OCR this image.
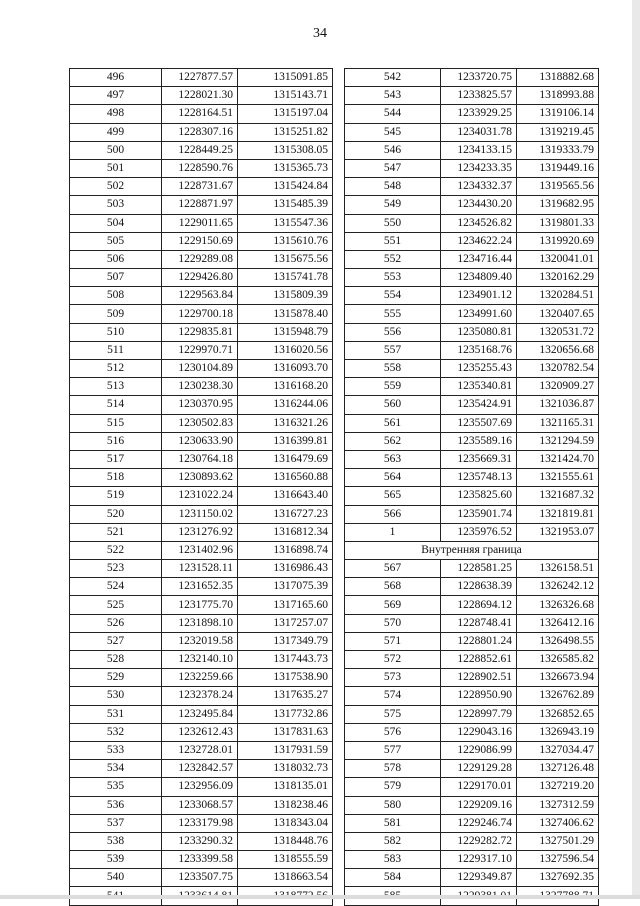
34
496	1227877.57	1315091.85
497	1228021.30	1315143.71
498	1228164.51	1315197.04
499	1228307.16	1315251.82
500	1228449.25	1315308.05
501	1228590.76	1315365.73
502	1228731.67	1315424.84
503	1228871.97	1315485.39
504	1229011.65	1315547.36
505	1229150.69	1315610.76
506	1229289.08	1315675.56
507	1229426.80	1315741.78
508	1229563.84	1315809.39
509	1229700.18	1315878.40
510	1229835.81	1315948.79
511	1229970.71	1316020.56
512	1230104.89	1316093.70
513	1230238.30	1316168.20
514	1230370.95	1316244.06
515	1230502.83	1316321.26
516	1230633.90	1316399.81
517	1230764.18	1316479.69
518	1230893.62	1316560.88
519	1231022.24	1316643.40
520	1231150.02	1316727.23
521	1231276.92	1316812.34
522	1231402.96	1316898.74
523	1231528.11	1316986.43
524	1231652.35	1317075.39
525	1231775.70	1317165.60
526	1231898.10	1317257.07
527	1232019.58	1317349.79
528	1232140.10	1317443.73
529	1232259.66	1317538.90
530	1232378.24	1317635.27
531	1232495.84	1317732.86
532	1232612.43	1317831.63
533	1232728.01	1317931.59
534	1232842.57	1318032.73
535	1232956.09	1318135.01
536	1233068.57	1318238.46
537	1233179.98	1318343.04
538	1233290.32	1318448.76
539	1233399.58	1318555.59
540	1233507.75	1318663.54

542	1233720.75	1318882.68
543	1233825.57	1318993.88
544	1233929.25	1319106.14
545	1234031.78	1319219.45
546	1234133.15	1319333.79
547	1234233.35	1319449.16
548	1234332.37	1319565.56
549	1234430.20	1319682.95
550	1234526.82	1319801.33
551	1234622.24	1319920.69
552	1234716.44	1320041.01
553	1234809.40	1320162.29
554	1234901.12	1320284.51
555	1234991.60	1320407.65
556	1235080.81	1320531.72
557	1235168.76	1320656.68
558	1235255.43	1320782.54
559	1235340.81	1320909.27
560	1235424.91	1321036.87
561	1235507.69	1321165.31
562	1235589.16	1321294.59
563	1235669.31	1321424.70
564	1235748.13	1321555.61
565	1235825.60	1321687.32
566	1235901.74	1321819.81
1	1235976.52	1321953.07
Внутренняя граница		
567	1228581.25	1326158.51
568	1228638.39	1326242.12
569	1228694.12	1326326.68
570	1228748.41	1326412.16
571	1228801.24	1326498.55
572	1228852.61	1326585.82
573	1228902.51	1326673.94
574	1228950.90	1326762.89
575	1228997.79	1326852.65
576	1229043.16	1326943.19
577	1229086.99	1327034.47
578	1229129.28	1327126.48
579	1229170.01	1327219.20
580	1229209.16	1327312.59
581	1229246.74	1327406.62
582	1229282.72	1327501.29
583	1229317.10	1327596.54
584	1229349.87	1327692.35
